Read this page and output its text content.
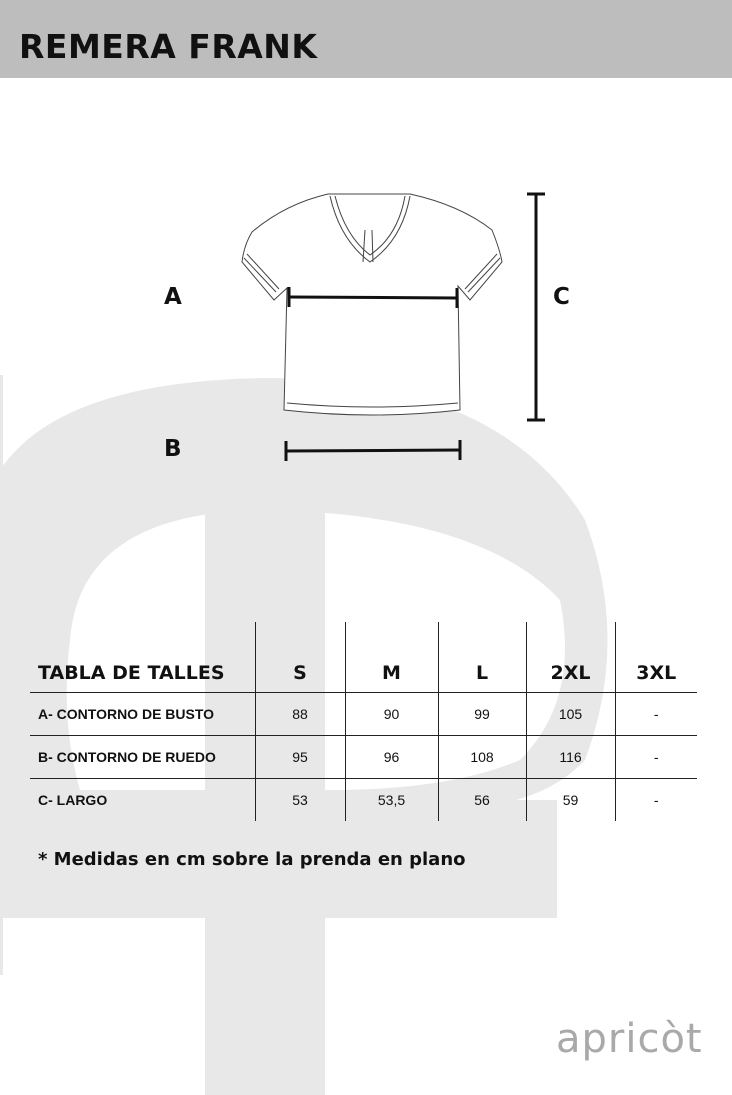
REMERA FRANK
A
B
C
TABLA DE TALLES	S	M	L	2XL	3XL
A- CONTORNO DE BUSTO	88	90	99	105	-
B- CONTORNO DE RUEDO	95	96	108	116	-
C- LARGO	53	53,5	56	59	-
* Medidas en cm sobre la prenda en plano
apricòt
